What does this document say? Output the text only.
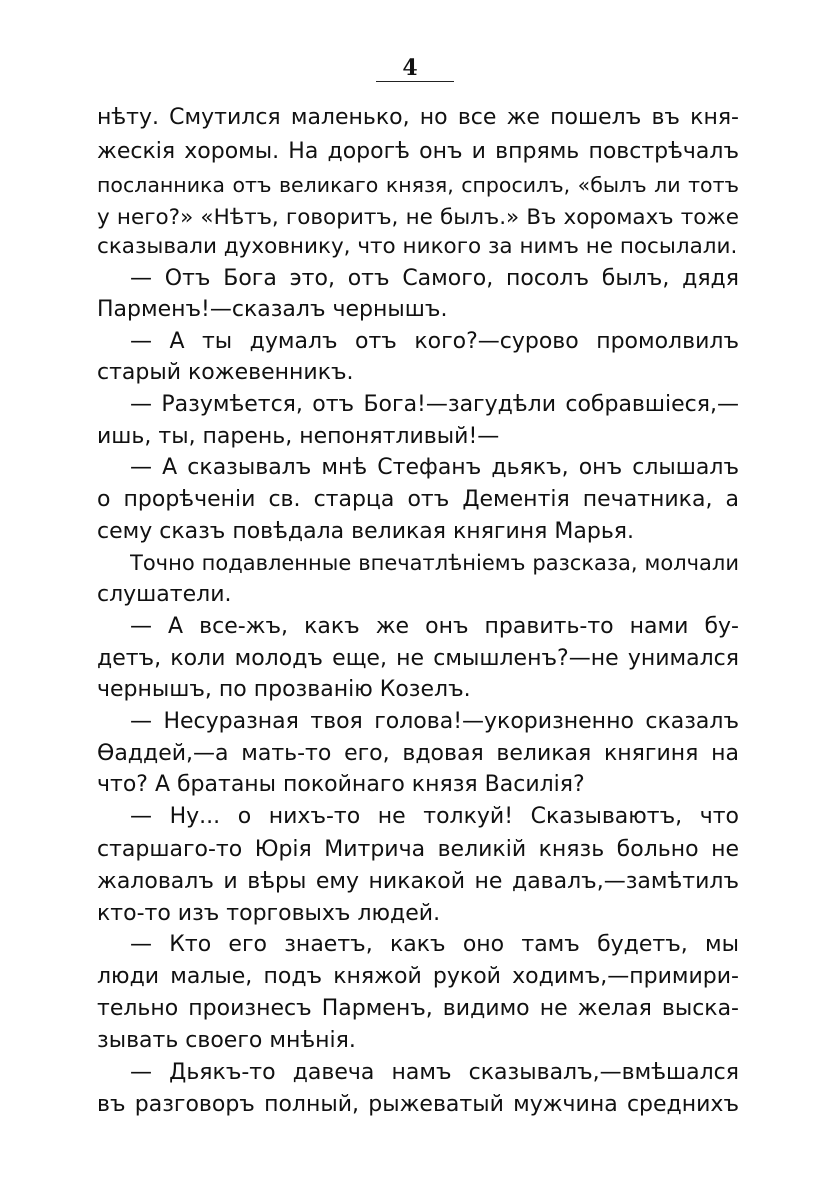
4
нѣту. Смутился маленько, но все же пошелъ въ кня-
жескія хоромы. На дорогѣ онъ и впрямь повстрѣчалъ
посланника отъ великаго князя, спросилъ, «былъ ли тотъ
у него?» «Нѣтъ, говоритъ, не былъ.» Въ хоромахъ тоже
сказывали духовнику, что никого за нимъ не посылали.
— Отъ Бога это, отъ Самого, посолъ былъ, дядя
Парменъ!—сказалъ чернышъ.
— А ты думалъ отъ кого?—сурово промолвилъ
старый кожевенникъ.
— Разумѣется, отъ Бога!—загудѣли собравшіеся,—
ишь, ты, парень, непонятливый!—
— А сказывалъ мнѣ Стефанъ дьякъ, онъ слышалъ
о прорѣченіи св. старца отъ Дементія печатника, а
сему сказъ повѣдала великая княгиня Марья.
Точно подавленные впечатлѣніемъ разсказа, молчали
слушатели.
— А все-жъ, какъ же онъ править-то нами бу-
детъ, коли молодъ еще, не смышленъ?—не унимался
чернышъ, по прозванію Козелъ.
— Несуразная твоя голова!—укоризненно сказалъ
Ѳаддей,—а мать-то его, вдовая великая княгиня на
что? А братаны покойнаго князя Василія?
— Ну... о нихъ-то не толкуй! Сказываютъ, что
старшаго-то Юрія Митрича великій князь больно не
жаловалъ и вѣры ему никакой не давалъ,—замѣтилъ
кто-то изъ торговыхъ людей.
— Кто его знаетъ, какъ оно тамъ будетъ, мы
люди малые, подъ княжой рукой ходимъ,—примири-
тельно произнесъ Парменъ, видимо не желая выска-
зывать своего мнѣнія.
— Дьякъ-то давеча намъ сказывалъ,—вмѣшался
въ разговоръ полный, рыжеватый мужчина среднихъ
